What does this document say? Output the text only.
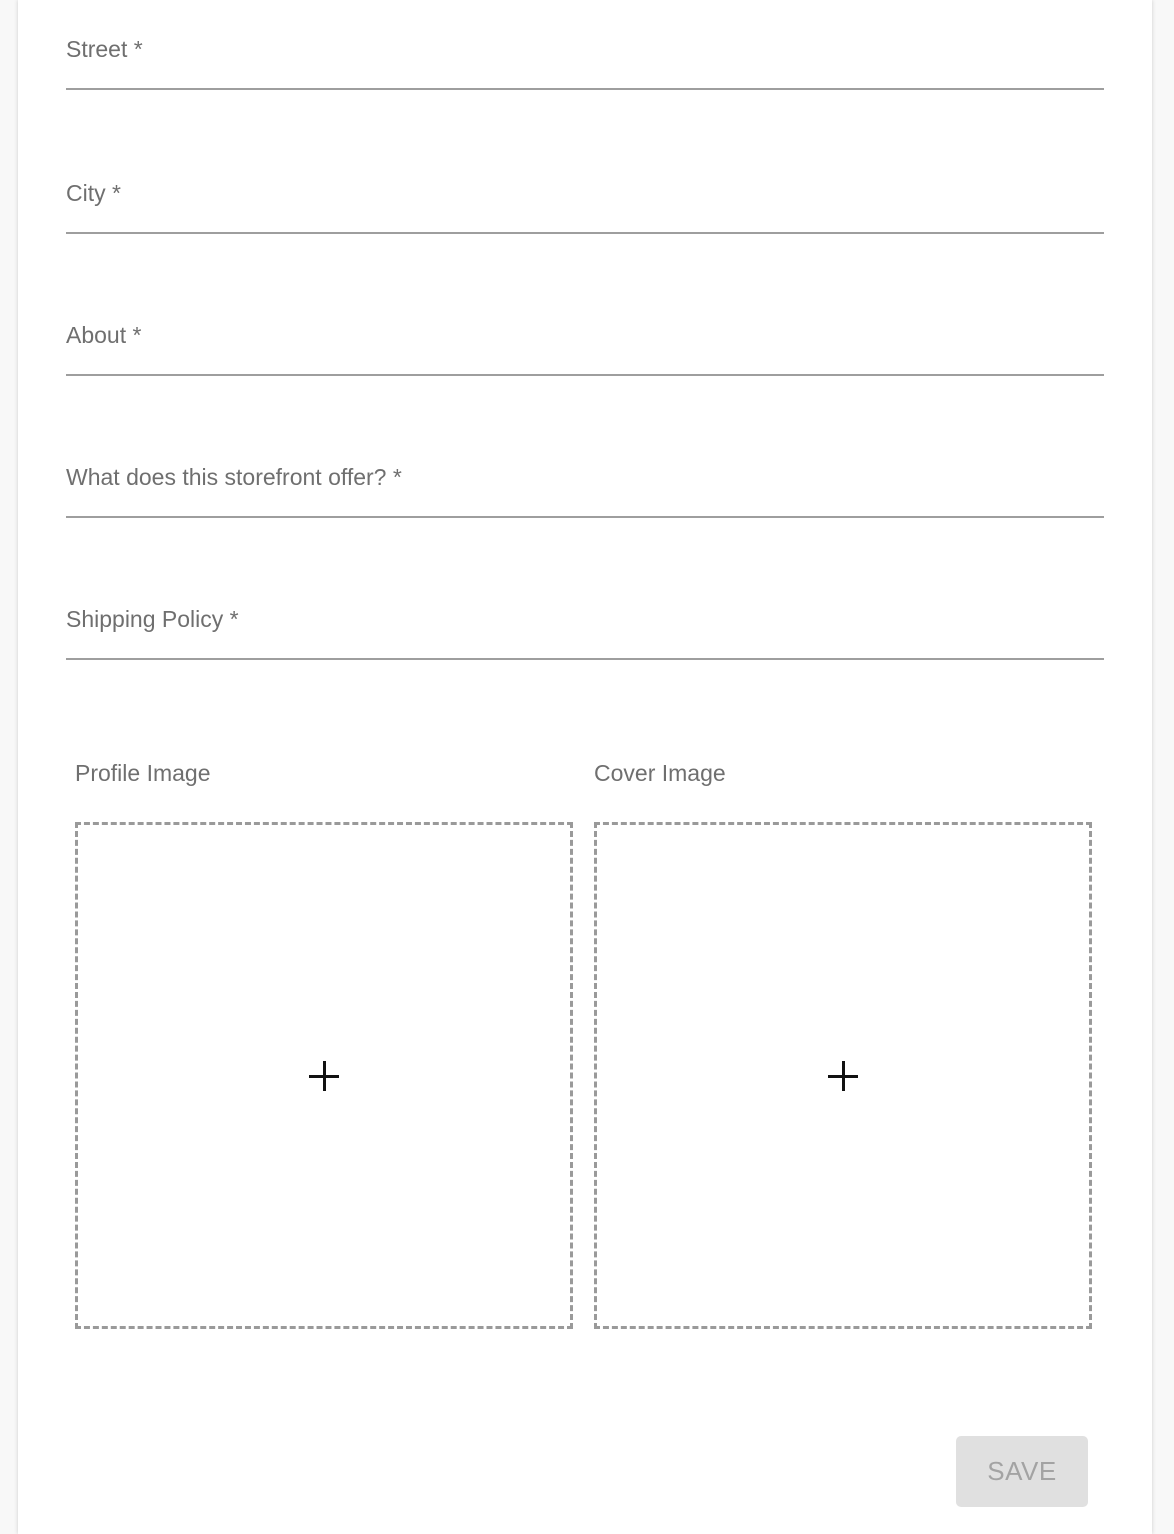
Street *
City *
About *
What does this storefront offer? *
Shipping Policy *
Profile Image	Cover Image
SAVE
